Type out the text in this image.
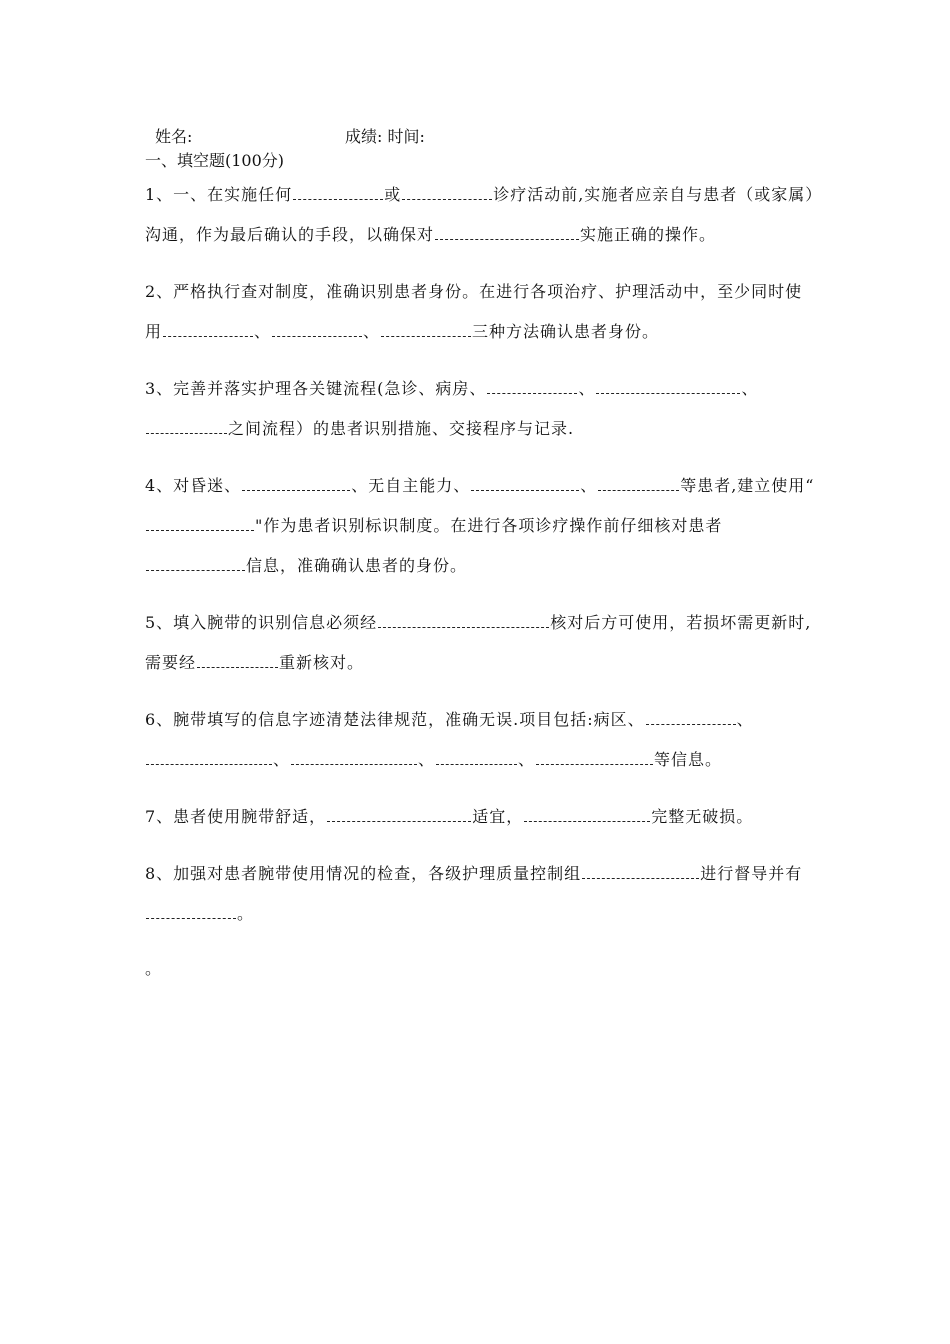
姓名:	成绩: 时间:
一、填空题(100分)
1、一、在实施任何	或	诊疗活动前,实施者应亲自与患者（或家属）沟通，作为最后确认的手段，以确保对	实施正确的操作。
2、严格执行查对制度，准确识别患者身份。在进行各项治疗、护理活动中，至少同时使用	、	、	三种方法确认患者身份。
3、完善并落实护理各关键流程(急诊、病房、	、	、之间流程）的患者识别措施、交接程序与记录.
4、对昏迷、	、无自主能力、	、	等患者,建立使用“"作为患者识别标识制度。在进行各项诊疗操作前仔细核对患者信息，准确确认患者的身份。
5、填入腕带的识别信息必须经	核对后方可使用，若损坏需更新时,需要经	重新核对。
6、腕带填写的信息字迹清楚法律规范，准确无误.项目包括:病区、	、、	、	、	等信息。
7、患者使用腕带舒适，	适宜，	完整无破损。
8、加强对患者腕带使用情况的检查，各级护理质量控制组	进行督导并有。
。
